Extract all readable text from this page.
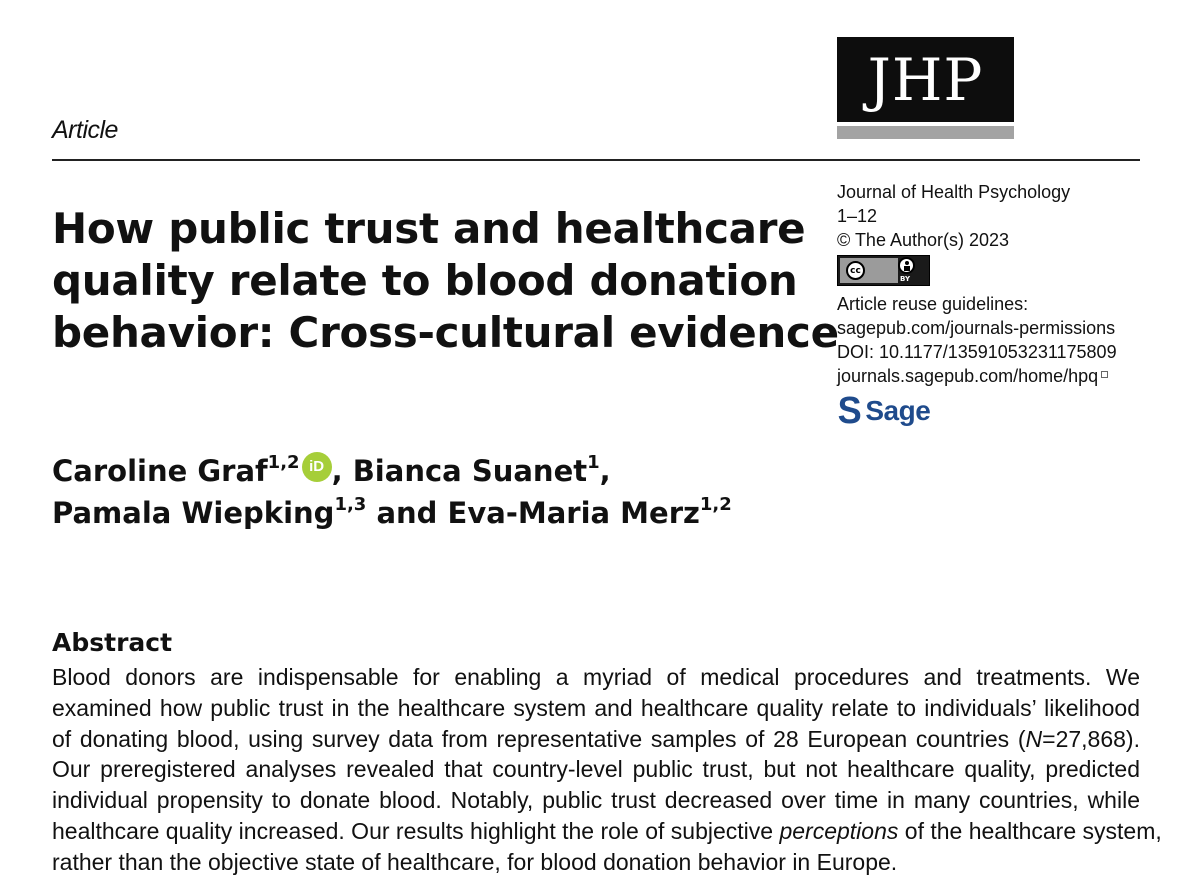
JHP
Article
How public trust and healthcare
quality relate to blood donation
behavior: Cross-cultural evidence
Journal of Health Psychology
1–12
© The Author(s) 2023
cc
BY
Article reuse guidelines:
sagepub.com/journals-permissions
DOI: 10.1177/13591053231175809
journals.sagepub.com/home/hpq
S Sage
Caroline Graf$^{1,2}$ iD , Bianca Suanet$^1$,
Pamala Wiepking$^{1,3}$ and Eva-Maria Merz$^{1,2}$
Abstract
Blood donors are indispensable for enabling a myriad of medical procedures and treatments. We
examined how public trust in the healthcare system and healthcare quality relate to individuals’ likelihood
of donating blood, using survey data from representative samples of 28 European countries (N=27,868).
Our preregistered analyses revealed that country-level public trust, but not healthcare quality, predicted
individual propensity to donate blood. Notably, public trust decreased over time in many countries, while
healthcare quality increased. Our results highlight the role of subjective perceptions of the healthcare system,
rather than the objective state of healthcare, for blood donation behavior in Europe.
